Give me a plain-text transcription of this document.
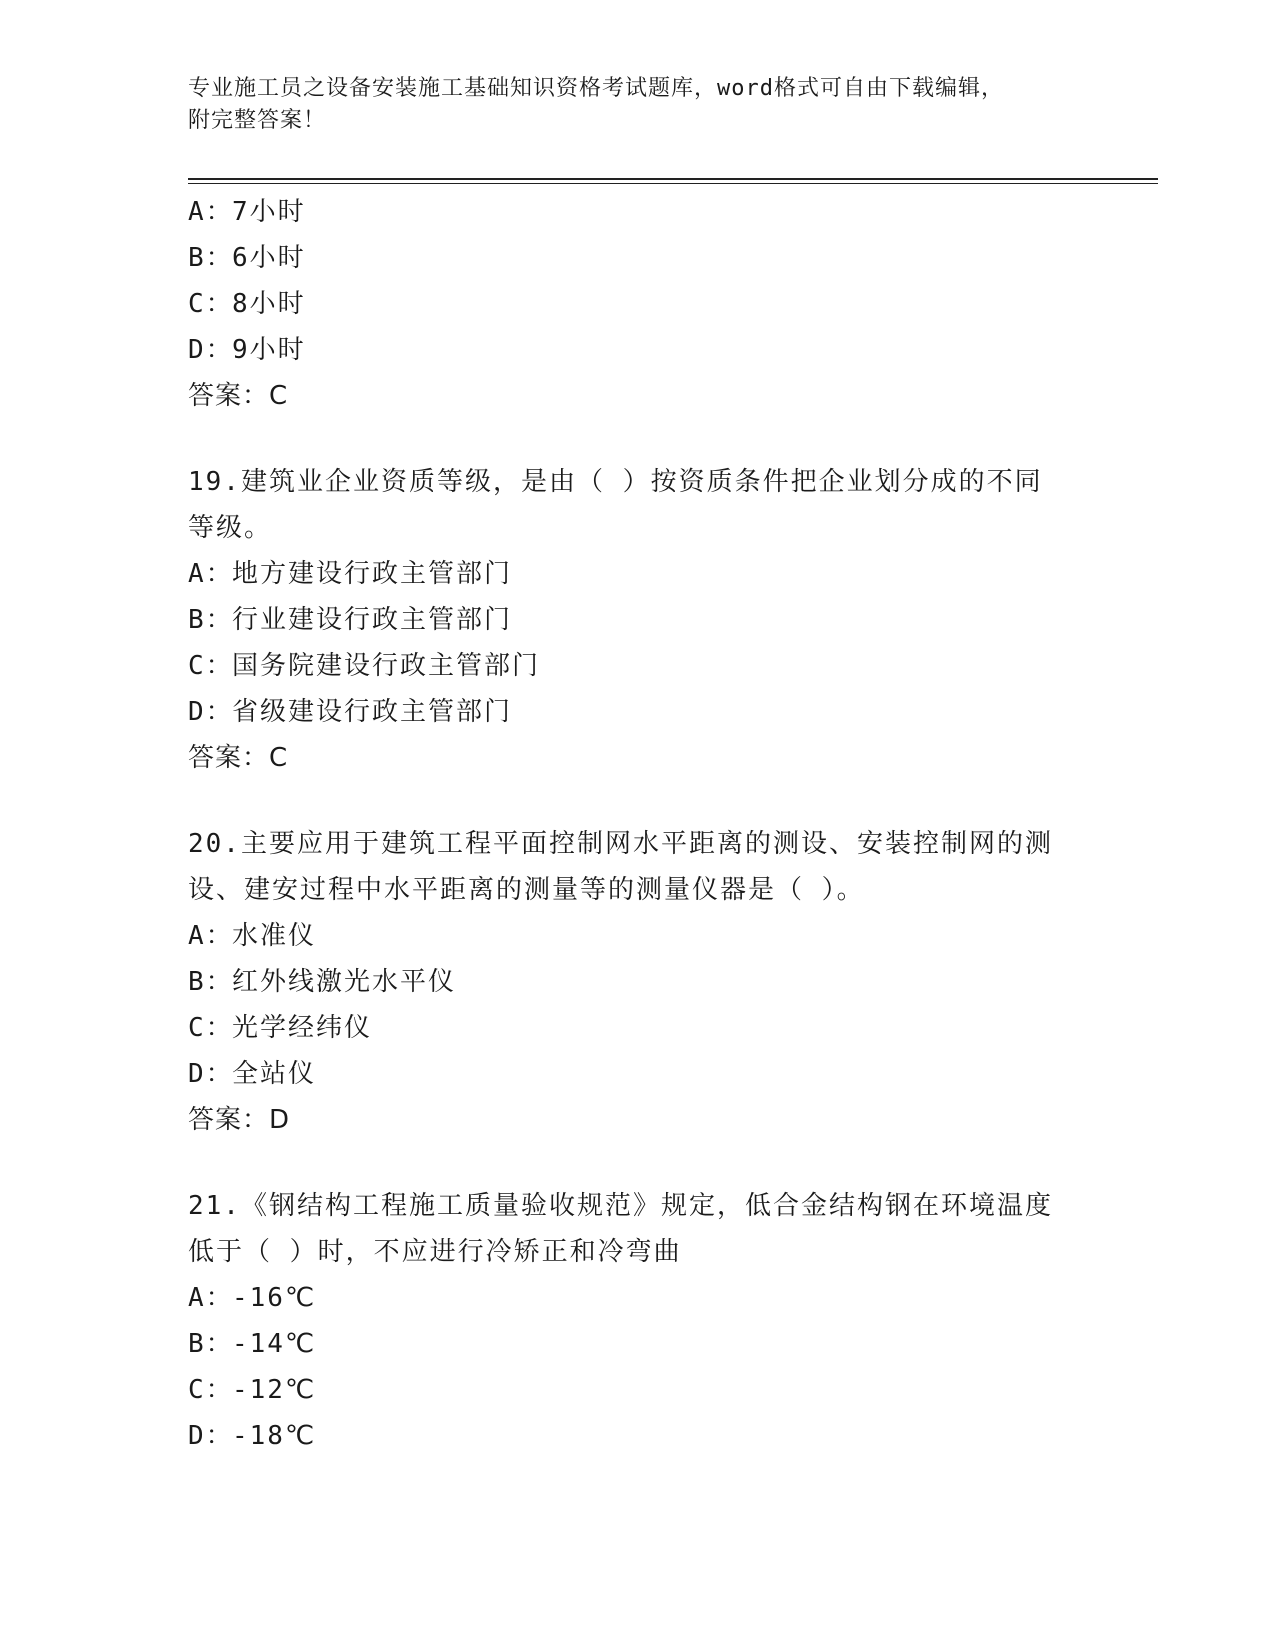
专业施工员之设备安装施工基础知识资格考试题库，word格式可自由下载编辑，
附完整答案！
A：7小时
B：6小时
C：8小时
D：9小时
答案：C
19.建筑业企业资质等级，是由（ ）按资质条件把企业划分成的不同
等级。
A：地方建设行政主管部门
B：行业建设行政主管部门
C：国务院建设行政主管部门
D：省级建设行政主管部门
答案：C
20.主要应用于建筑工程平面控制网水平距离的测设、安装控制网的测
设、建安过程中水平距离的测量等的测量仪器是（ ）。
A：水准仪
B：红外线激光水平仪
C：光学经纬仪
D：全站仪
答案：D
21.《钢结构工程施工质量验收规范》规定，低合金结构钢在环境温度
低于（ ）时，不应进行冷矫正和冷弯曲
A：-16℃
B：-14℃
C：-12℃
D：-18℃
